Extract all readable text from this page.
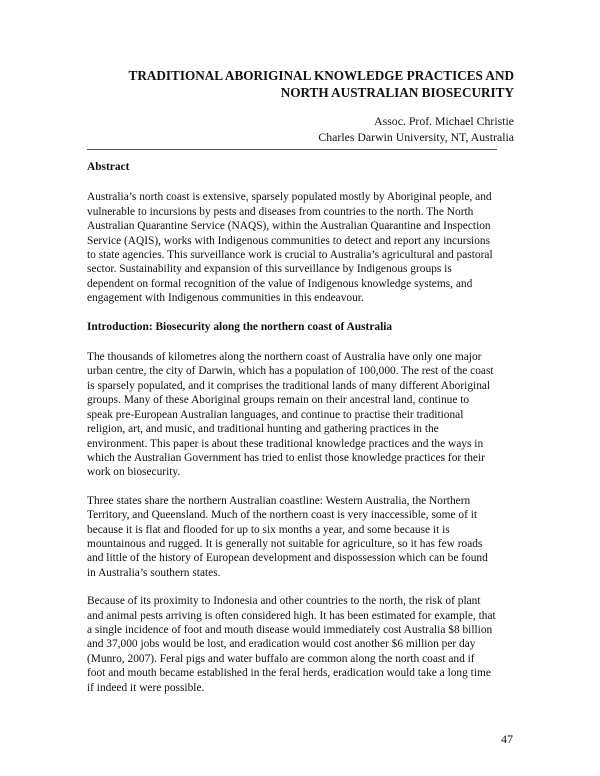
TRADITIONAL ABORIGINAL KNOWLEDGE PRACTICES AND
NORTH AUSTRALIAN BIOSECURITY
Assoc. Prof. Michael Christie
Charles Darwin University, NT, Australia
Abstract
Australia’s north coast is extensive, sparsely populated mostly by Aboriginal people, and
vulnerable to incursions by pests and diseases from countries to the north. The North
Australian Quarantine Service (NAQS), within the Australian Quarantine and Inspection
Service (AQIS), works with Indigenous communities to detect and report any incursions
to state agencies. This surveillance work is crucial to Australia’s agricultural and pastoral
sector. Sustainability and expansion of this surveillance by Indigenous groups is
dependent on formal recognition of the value of Indigenous knowledge systems, and
engagement with Indigenous communities in this endeavour.
Introduction: Biosecurity along the northern coast of Australia
The thousands of kilometres along the northern coast of Australia have only one major
urban centre, the city of Darwin, which has a population of 100,000. The rest of the coast
is sparsely populated, and it comprises the traditional lands of many different Aboriginal
groups. Many of these Aboriginal groups remain on their ancestral land, continue to
speak pre-European Australian languages, and continue to practise their traditional
religion, art, and music, and traditional hunting and gathering practices in the
environment. This paper is about these traditional knowledge practices and the ways in
which the Australian Government has tried to enlist those knowledge practices for their
work on biosecurity.
Three states share the northern Australian coastline: Western Australia, the Northern
Territory, and Queensland. Much of the northern coast is very inaccessible, some of it
because it is flat and flooded for up to six months a year, and some because it is
mountainous and rugged. It is generally not suitable for agriculture, so it has few roads
and little of the history of European development and dispossession which can be found
in Australia’s southern states.
Because of its proximity to Indonesia and other countries to the north, the risk of plant
and animal pests arriving is often considered high. It has been estimated for example, that
a single incidence of foot and mouth disease would immediately cost Australia $8 billion
and 37,000 jobs would be lost, and eradication would cost another $6 million per day
(Munro, 2007). Feral pigs and water buffalo are common along the north coast and if
foot and mouth became established in the feral herds, eradication would take a long time
if indeed it were possible.
47
